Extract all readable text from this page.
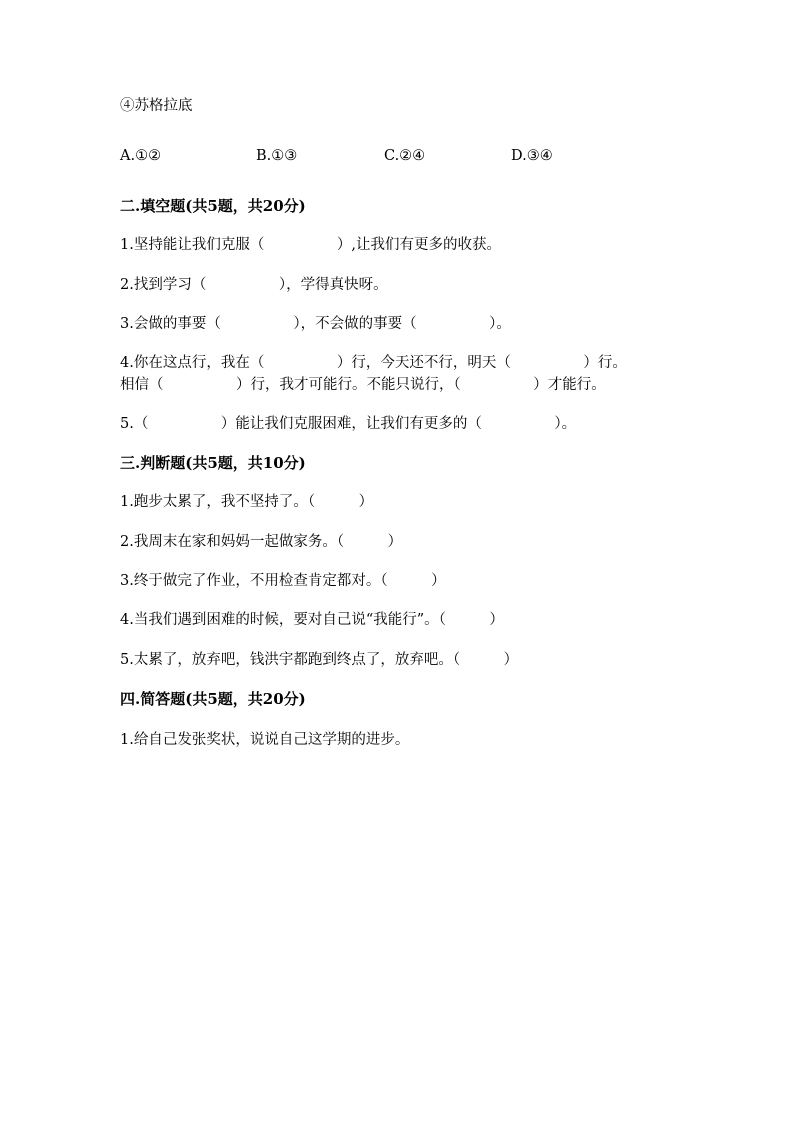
④苏格拉底
A.①②	B.①③	C.②④	D.③④
二.填空题(共5题，共20分)
1.坚持能让我们克服（　　　　　）,让我们有更多的收获。
2.找到学习（　　　　　），学得真快呀。
3.会做的事要（　　　　　），不会做的事要（　　　　　）。
4.你在这点行，我在（　　　　　）行，今天还不行，明天（　　　　　）行。
相信（　　　　　）行，我才可能行。不能只说行，（　　　　　）才能行。
5.（　　　　　）能让我们克服困难，让我们有更多的（　　　　　）。
三.判断题(共5题，共10分)
1.跑步太累了，我不坚持了。（　　　）
2.我周末在家和妈妈一起做家务。（　　　）
3.终于做完了作业，不用检查肯定都对。（　　　）
4.当我们遇到困难的时候，要对自己说“我能行”。（　　　）
5.太累了，放弃吧，钱洪宇都跑到终点了，放弃吧。（　　　）
四.简答题(共5题，共20分)
1.给自己发张奖状，说说自己这学期的进步。
